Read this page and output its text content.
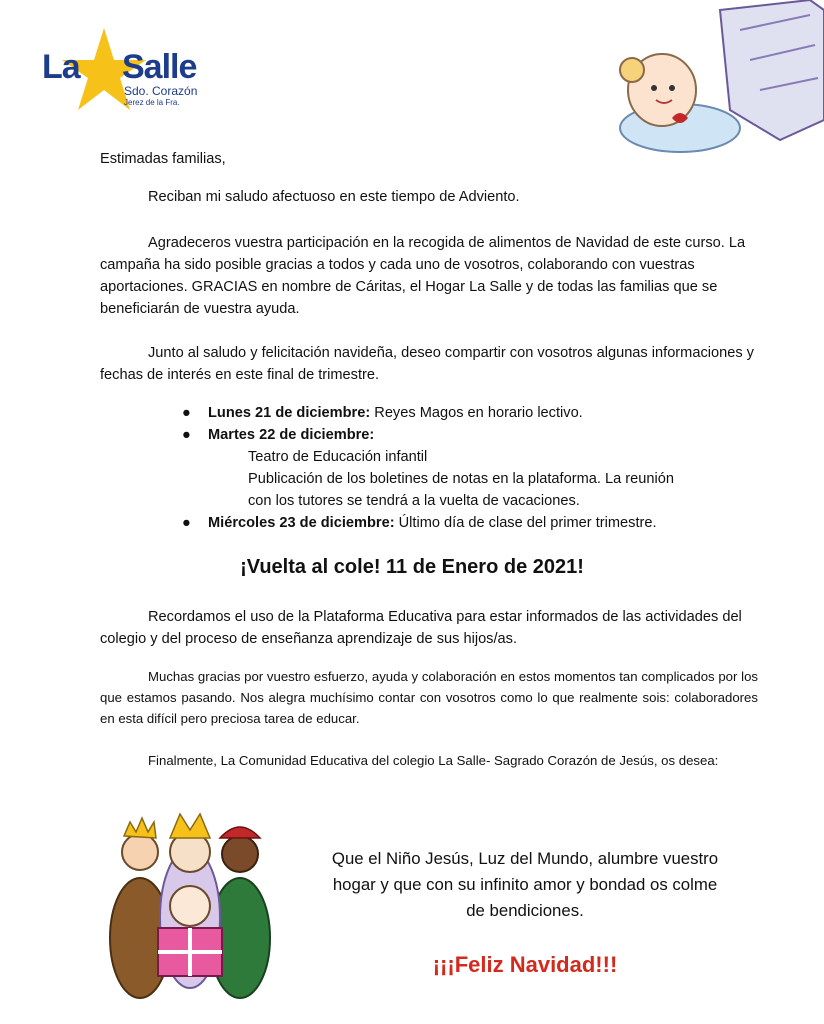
La Salle
Sdo. Corazón
Jerez de la Fra.
Estimadas familias,
Reciban mi saludo afectuoso en este tiempo de Adviento.
Agradeceros vuestra participación en la recogida de alimentos de Navidad de este curso. La campaña ha sido posible gracias a todos y cada uno de vosotros, colaborando con vuestras aportaciones. GRACIAS en nombre de Cáritas, el Hogar La Salle y de todas las familias que se beneficiarán de vuestra ayuda.
Junto al saludo y felicitación navideña, deseo compartir con vosotros algunas informaciones y fechas de interés en este final de trimestre.
● Lunes 21 de diciembre: Reyes Magos en horario lectivo.
● Martes 22 de diciembre:
Teatro de Educación infantil
Publicación de los boletines de notas en la plataforma. La reunión
con los tutores se tendrá a la vuelta de vacaciones.
● Miércoles 23 de diciembre: Último día de clase del primer trimestre.
¡Vuelta al cole! 11 de Enero de 2021!
Recordamos el uso de la Plataforma Educativa para estar informados de las actividades del colegio y del proceso de enseñanza aprendizaje de sus hijos/as.
Muchas gracias por vuestro esfuerzo, ayuda y colaboración en estos momentos tan complicados por los que estamos pasando. Nos alegra muchísimo contar con vosotros como lo que realmente sois: colaboradores en esta difícil pero preciosa tarea de educar.
Finalmente, La Comunidad Educativa del colegio La Salle- Sagrado Corazón de Jesús, os desea:
Que el Niño Jesús, Luz del Mundo, alumbre vuestro
hogar y que con su infinito amor y bondad os colme
de bendiciones.
¡¡¡Feliz Navidad!!!
